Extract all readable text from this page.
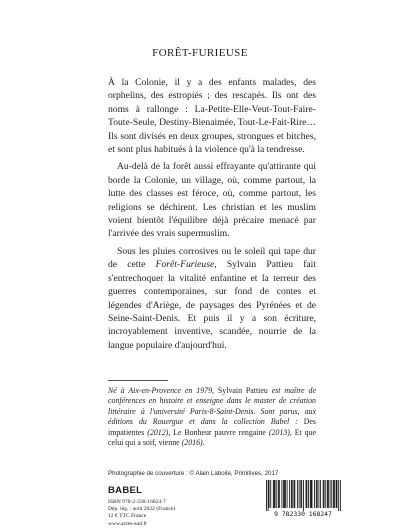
FORÊT-FURIEUSE

À la Colonie, il y a des enfants malades, des orphelins, des estropiés ; des rescapés. Ils ont des noms à rallonge : La-Petite-Elle-Veut-Tout-Faire-Toute-Seule, Destiny-Bienaimée, Tout-Le-Fait-Rire… Ils sont divisés en deux groupes, strongues et bitches, et sont plus habitués à la violence qu'à la tendresse.

Au-delà de la forêt aussi effrayante qu'attirante qui borde la Colonie, un village, où, comme partout, la lutte des classes est féroce, où, comme partout, les religions se déchirent. Les christian et les muslim voient bientôt l'équilibre déjà précaire menacé par l'arrivée des vrais supermuslim.

Sous les pluies corrosives ou le soleil qui tape dur de cette Forêt-Furieuse, Sylvain Pattieu fait s'entrechoquer la vitalité enfantine et la terreur des guerres contemporaines, sur fond de contes et légendes d'Ariège, de paysages des Pyrénées et de Seine-Saint-Denis. Et puis il y a son écriture, incroyablement inventive, scandée, nourrie de la langue populaire d'aujourd'hui.

Né à Aix-en-Provence en 1979, Sylvain Pattieu est maître de conférences en histoire et enseigne dans le master de création littéraire à l'université Paris-8-Saint-Denis. Sont parus, aux éditions du Rouergue et dans la collection Babel : Des impatientes (2012), Le Bonheur pauvre rengaine (2013), Et que celui qui a soif, vienne (2016).

Photographie de couverture : © Alain Laboile, Primitives, 2017
BABEL
ISBN 978-2-330-16824-7
Dép. lég. : août 2022 (France)
12 € TTC France
www.actes-sud.fr
9 782330 168247
